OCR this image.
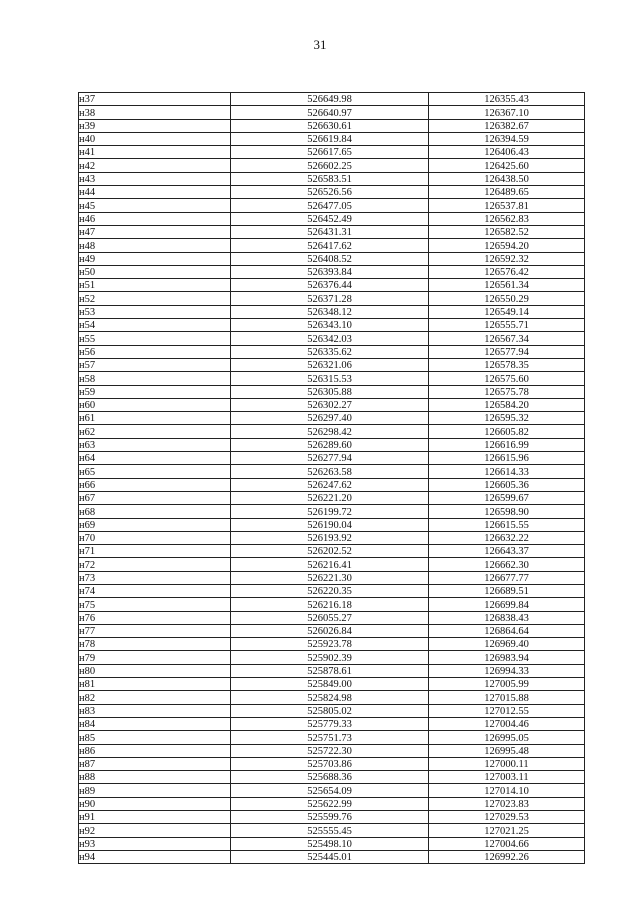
31
н37	526649.98	126355.43
н38	526640.97	126367.10
н39	526630.61	126382.67
н40	526619.84	126394.59
н41	526617.65	126406.43
н42	526602.25	126425.60
н43	526583.51	126438.50
н44	526526.56	126489.65
н45	526477.05	126537.81
н46	526452.49	126562.83
н47	526431.31	126582.52
н48	526417.62	126594.20
н49	526408.52	126592.32
н50	526393.84	126576.42
н51	526376.44	126561.34
н52	526371.28	126550.29
н53	526348.12	126549.14
н54	526343.10	126555.71
н55	526342.03	126567.34
н56	526335.62	126577.94
н57	526321.06	126578.35
н58	526315.53	126575.60
н59	526305.88	126575.78
н60	526302.27	126584.20
н61	526297.40	126595.32
н62	526298.42	126605.82
н63	526289.60	126616.99
н64	526277.94	126615.96
н65	526263.58	126614.33
н66	526247.62	126605.36
н67	526221.20	126599.67
н68	526199.72	126598.90
н69	526190.04	126615.55
н70	526193.92	126632.22
н71	526202.52	126643.37
н72	526216.41	126662.30
н73	526221.30	126677.77
н74	526220.35	126689.51
н75	526216.18	126699.84
н76	526055.27	126838.43
н77	526026.84	126864.64
н78	525923.78	126969.40
н79	525902.39	126983.94
н80	525878.61	126994.33
н81	525849.00	127005.99
н82	525824.98	127015.88
н83	525805.02	127012.55
н84	525779.33	127004.46
н85	525751.73	126995.05
н86	525722.30	126995.48
н87	525703.86	127000.11
н88	525688.36	127003.11
н89	525654.09	127014.10
н90	525622.99	127023.83
н91	525599.76	127029.53
н92	525555.45	127021.25
н93	525498.10	127004.66
н94	525445.01	126992.26
